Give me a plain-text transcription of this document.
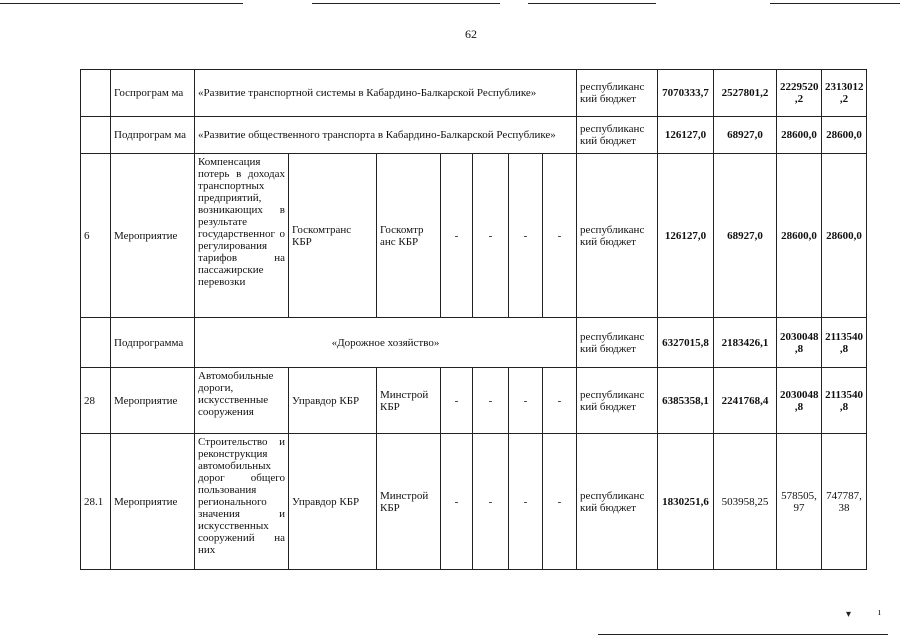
62
	Госпрограм ма	«Развитие транспортной системы в Кабардино-Балкарской Республике»							республиканс кий бюджет	7070333,7	2527801,2	2229520 ,2	2313012 ,2
	Подпрограм ма	«Развитие общественного транспорта в Кабардино-Балкарской Республике»							республиканс кий бюджет	126127,0	68927,0	28600,0	28600,0
6	Мероприятие	Компенсация потерь в доходах транспортных предприятий, возникающих в результате государственног о регулирования тарифов на пассажирские перевозки	Госкомтранс КБР	Госкомтр анс КБР	-	-	-	-	республиканс кий бюджет	126127,0	68927,0	28600,0	28600,0
	Подпрограмма	«Дорожное хозяйство»							республиканс кий бюджет	6327015,8	2183426,1	2030048 ,8	2113540 ,8
28	Мероприятие	Автомобильные дороги, искусственные сооружения	Управдор КБР	Минстрой КБР	-	-	-	-	республиканс кий бюджет	6385358,1	2241768,4	2030048 ,8	2113540 ,8
28.1	Мероприятие	Строительство и реконструкция автомобильных дорог общего пользования регионального значения и искусственных сооружений на них	Управдор КБР	Минстрой КБР	-	-	-	-	республиканс кий бюджет	1830251,6	503958,25	578505, 97	747787, 38
▾	ı
